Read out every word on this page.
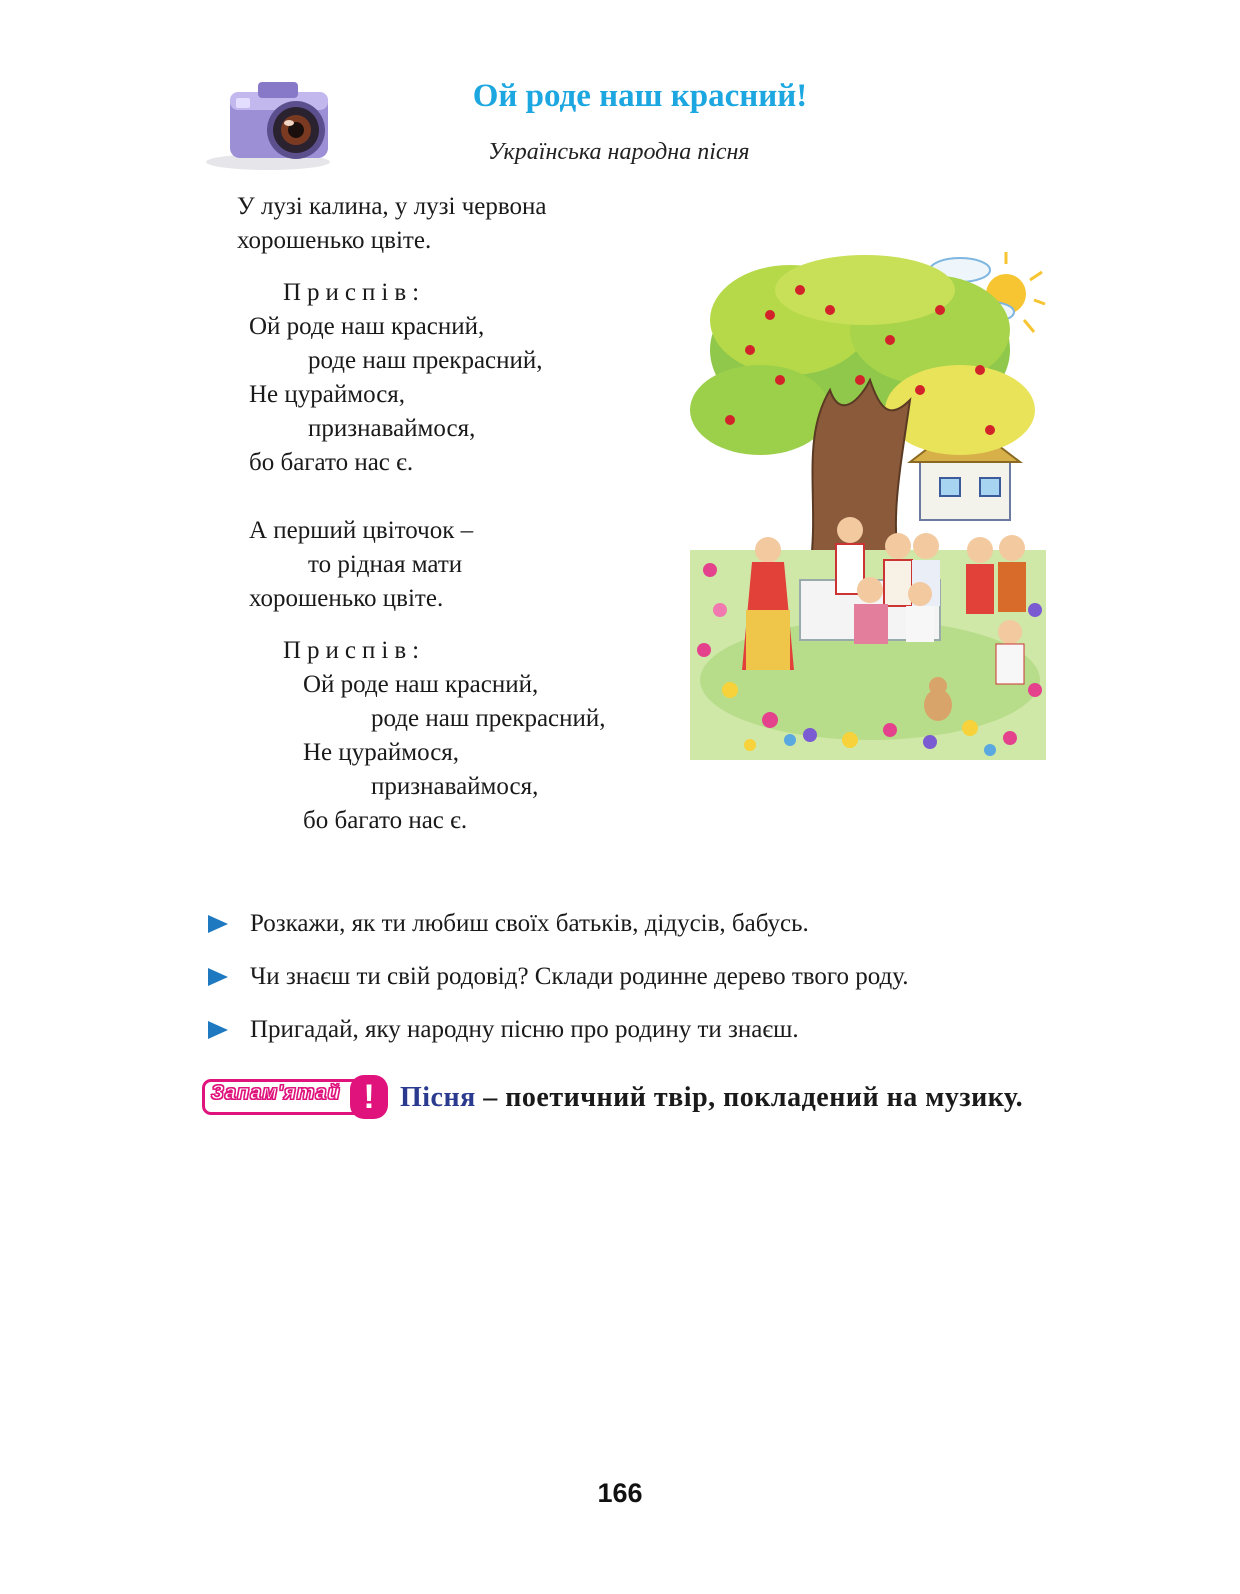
Ой роде наш красний!
Українська народна пісня
У лузі калина, у лузі червона
хорошенько цвіте.
Приспів:
Ой роде наш красний,
роде наш прекрасний,
Не цураймося,
признаваймося,
бо багато нас є.
А перший цвіточок –
то рідная мати
хорошенько цвіте.
Приспів:
Ой роде наш красний,
роде наш прекрасний,
Не цураймося,
признаваймося,
бо багато нас є.
Розкажи, як ти любиш своїх батьків, дідусів, бабусь.
Чи знаєш ти свій родовід? Склади родинне дерево твого роду.
Пригадай, яку народну пісню про родину ти знаєш.
Запам'ятай ! Пісня – поетичний твір, покладений на музику.
166
